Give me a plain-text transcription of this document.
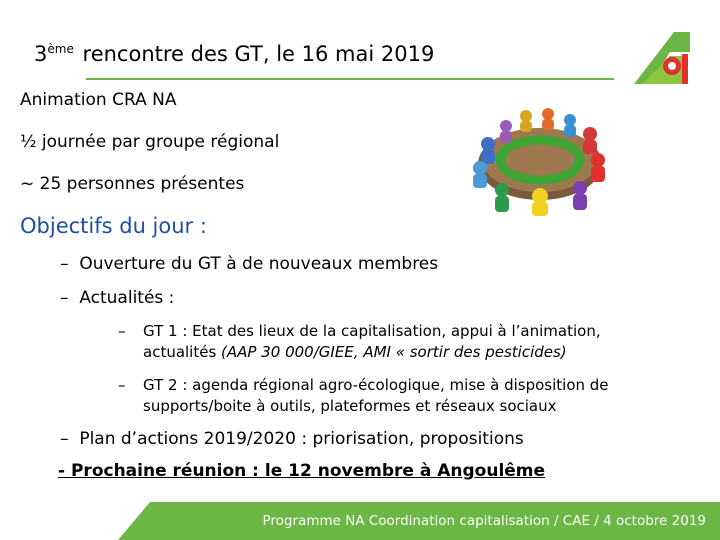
3ème rencontre des GT, le 16 mai 2019
Animation CRA NA
½ journée par groupe régional
~ 25 personnes présentes
Objectifs du jour :
– Ouverture du GT à de nouveaux membres
– Actualités :
– GT 1 : Etat des lieux de la capitalisation, appui à l’animation,
actualités (AAP 30 000/GIEE, AMI « sortir des pesticides)
– GT 2 : agenda régional agro-écologique, mise à disposition de
supports/boite à outils, plateformes et réseaux sociaux
– Plan d’actions 2019/2020 : priorisation, propositions
- Prochaine réunion : le 12 novembre à Angoulême
Programme NA Coordination capitalisation / CAE / 4 octobre 2019
